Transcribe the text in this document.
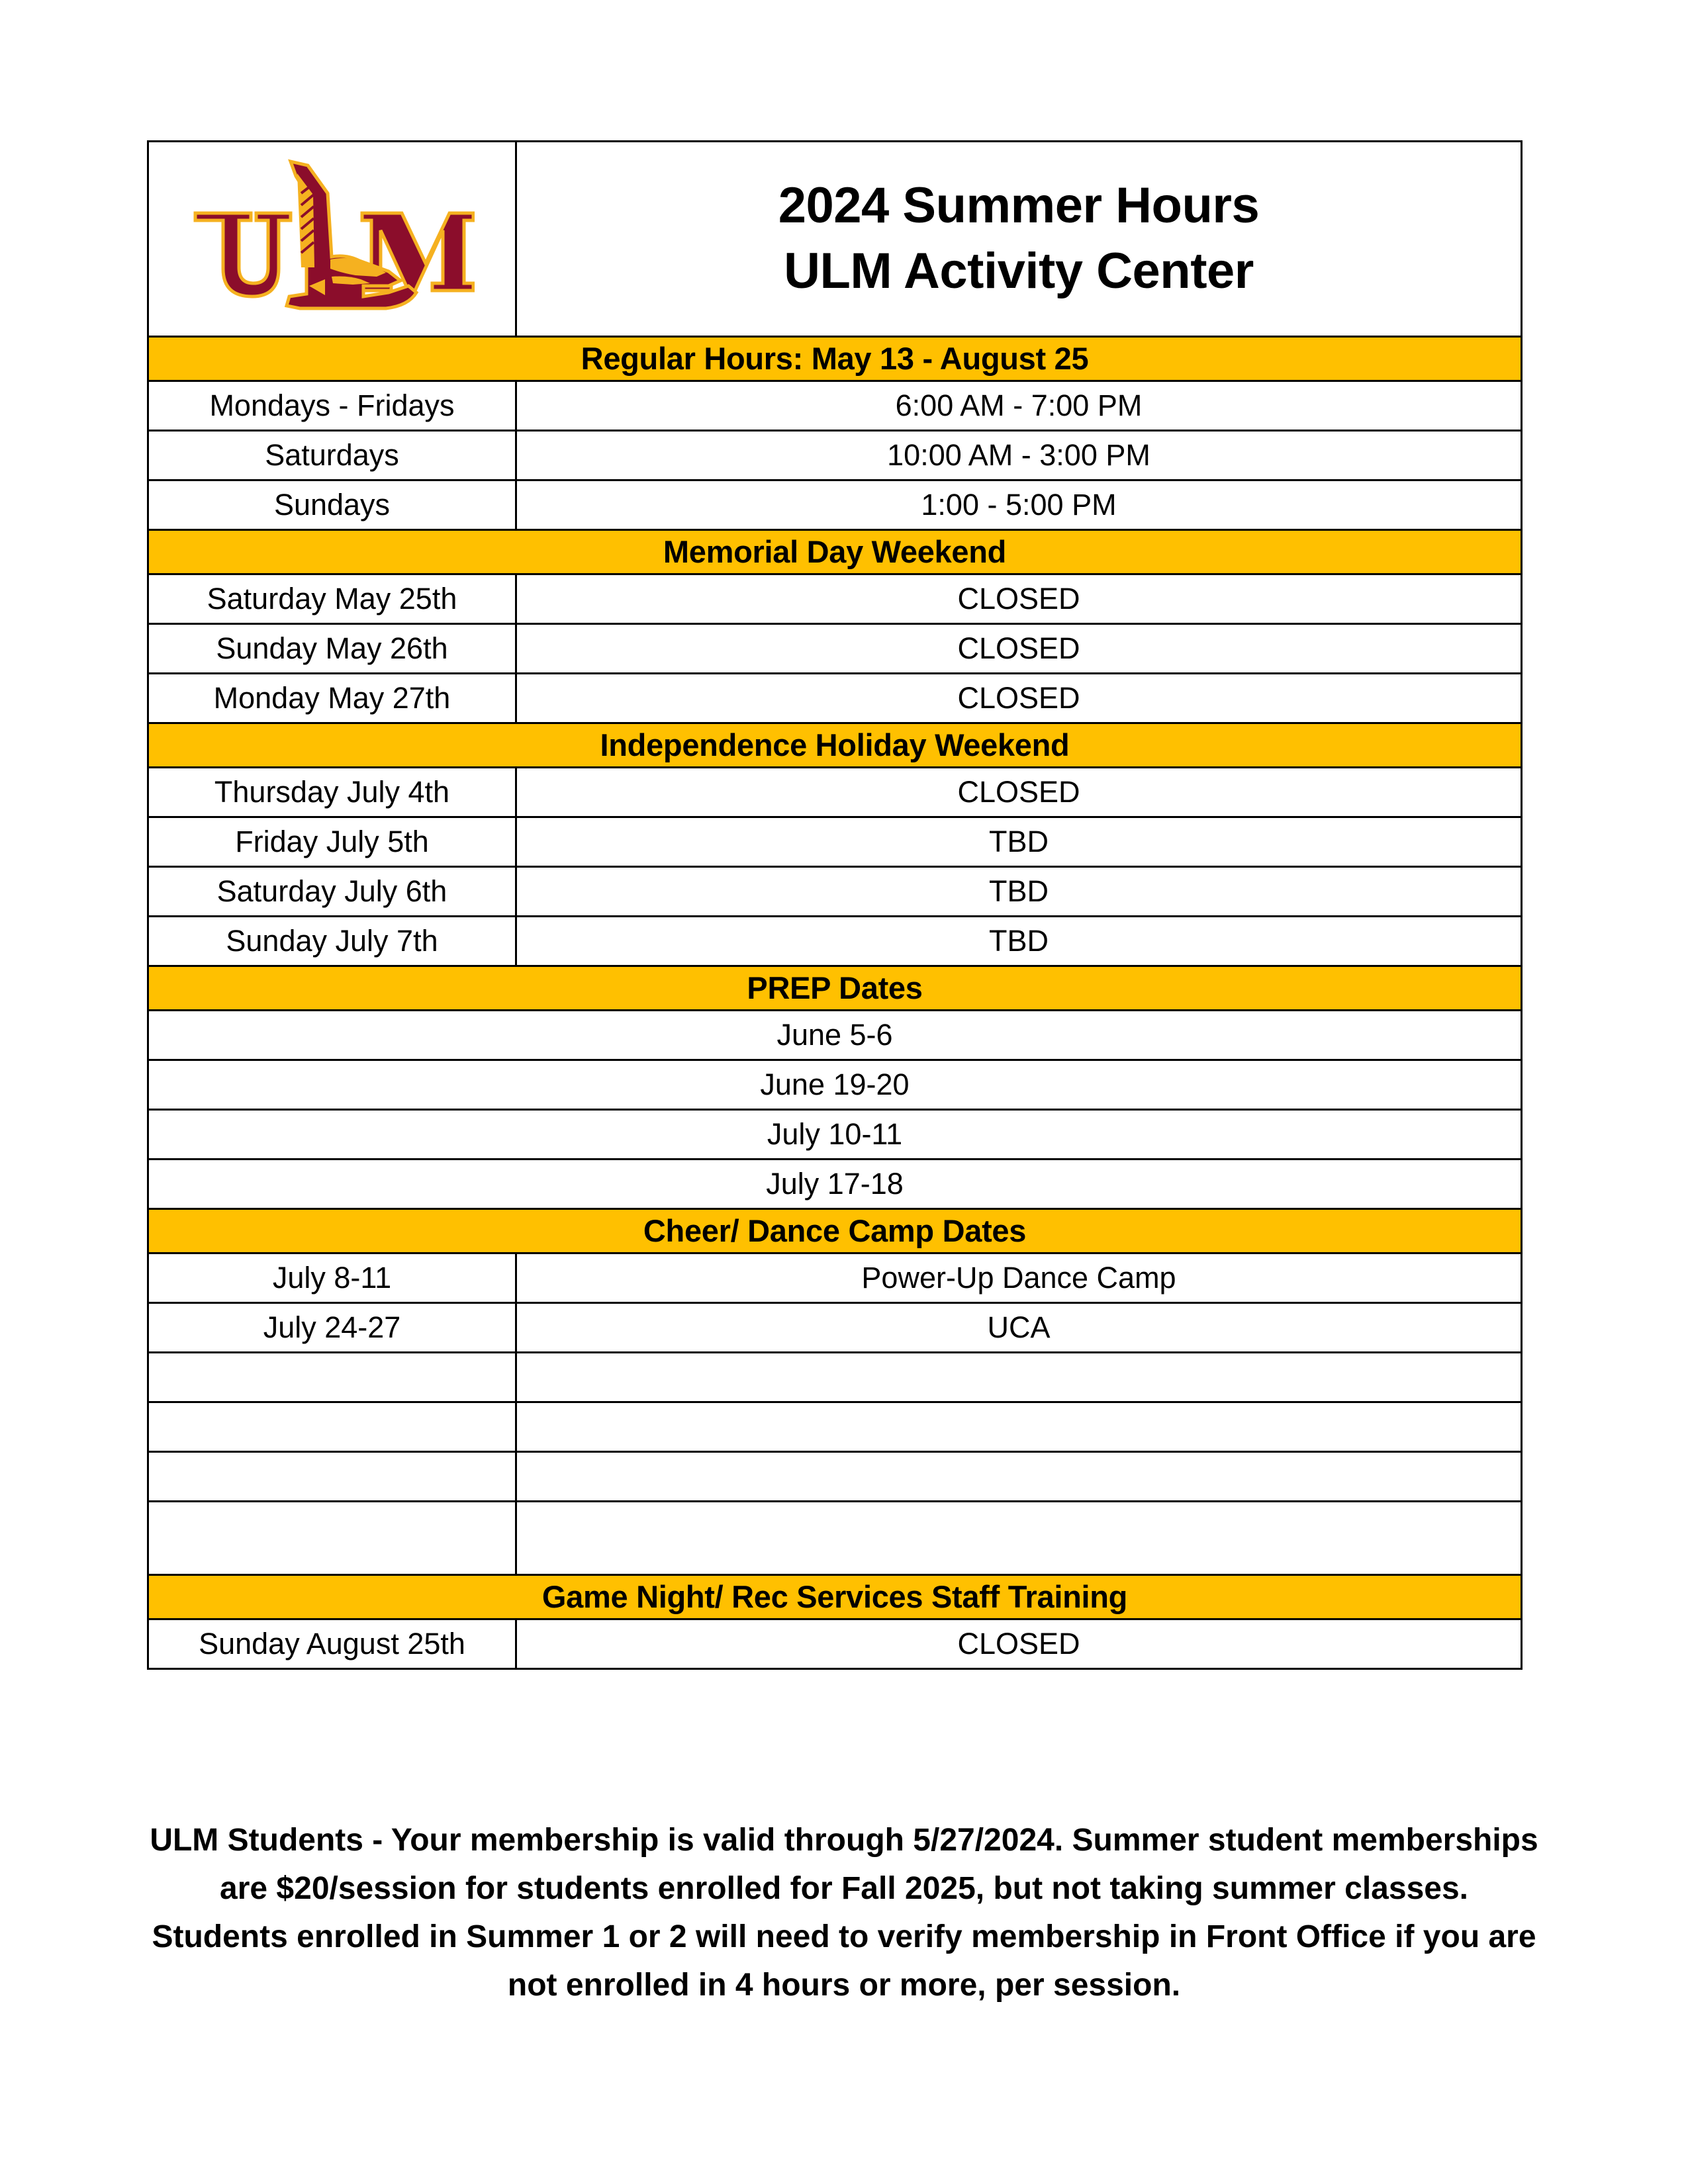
2024 Summer Hours
ULM Activity Center

Regular Hours: May 13 - August 25	
Mondays - Fridays	6:00 AM - 7:00 PM
Saturdays	10:00 AM - 3:00 PM
Sundays	1:00 - 5:00 PM
Memorial Day Weekend	
Saturday May 25th	CLOSED
Sunday May 26th	CLOSED
Monday May 27th	CLOSED
Independence Holiday Weekend	
Thursday July 4th	CLOSED
Friday July 5th	TBD
Saturday July 6th	TBD
Sunday July 7th	TBD
PREP Dates	
June 5-6	
June 19-20	
July 10-11	
July 17-18	
Cheer/ Dance Camp Dates	
July 8-11	Power-Up Dance Camp
July 24-27	UCA

Game Night/ Rec Services Staff Training	
Sunday August 25th	CLOSED
ULM Students - Your membership is valid through 5/27/2024. Summer student memberships are $20/session for students enrolled for Fall 2025, but not taking summer classes. Students enrolled in Summer 1 or 2 will need to verify membership in Front Office if you are not enrolled in 4 hours or more, per session.
